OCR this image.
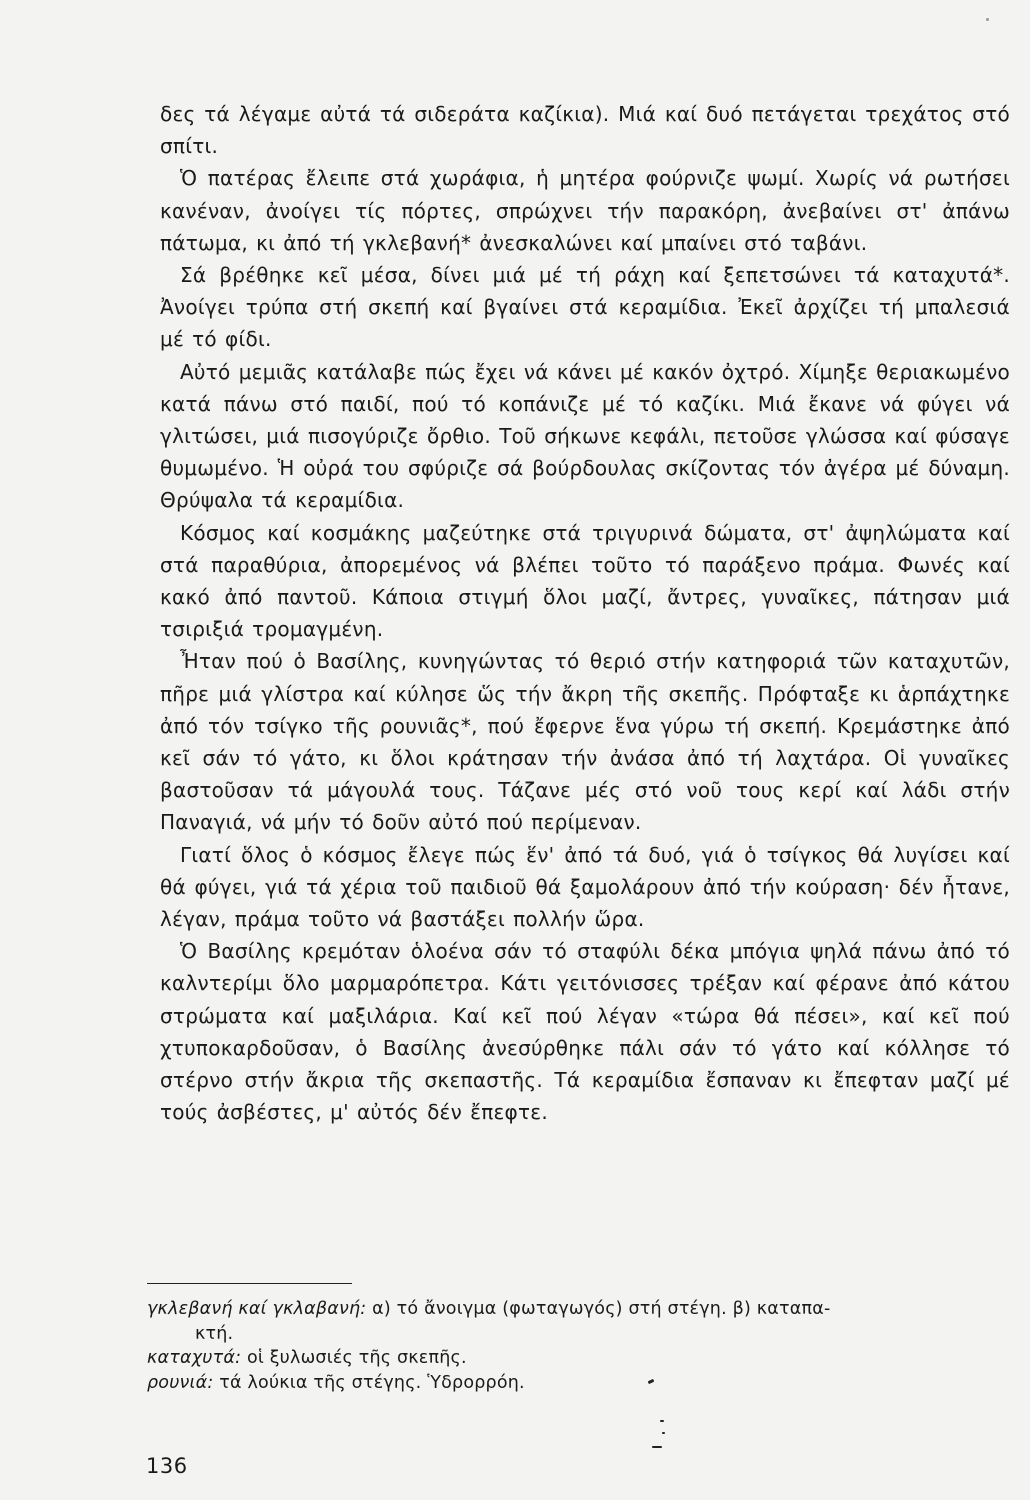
δες τά λέγαμε αὐτά τά σιδεράτα καζίκια). Μιά καί δυό πετάγεται τρεχάτος στό σπίτι.

Ὁ πατέρας ἔλειπε στά χωράφια, ἡ μητέρα φούρνιζε ψωμί. Χωρίς νά ρωτήσει κανέναν, ἀνοίγει τίς πόρτες, σπρώχνει τήν παρακόρη, ἀνεβαίνει στ' ἀπάνω πάτωμα, κι ἀπό τή γκλεβανή* ἀνεσκαλώνει καί μπαίνει στό ταβάνι.

Σά βρέθηκε κεῖ μέσα, δίνει μιά μέ τή ράχη καί ξεπετσώνει τά καταχυτά*. Ἀνοίγει τρύπα στή σκεπή καί βγαίνει στά κεραμίδια. Ἐκεῖ ἀρχίζει τή μπαλεσιά μέ τό φίδι.

Αὐτό μεμιᾶς κατάλαβε πώς ἔχει νά κάνει μέ κακόν ὀχτρό. Χίμηξε θεριακωμένο κατά πάνω στό παιδί, πού τό κοπάνιζε μέ τό καζίκι. Μιά ἔκανε νά φύγει νά γλιτώσει, μιά πισογύριζε ὄρθιο. Τοῦ σήκωνε κεφάλι, πετοῦσε γλώσσα καί φύσαγε θυμωμένο. Ἡ οὐρά του σφύριζε σά βούρδουλας σκίζοντας τόν ἀγέρα μέ δύναμη. Θρύψαλα τά κεραμίδια.

Κόσμος καί κοσμάκης μαζεύτηκε στά τριγυρινά δώματα, στ' ἀψηλώματα καί στά παραθύρια, ἀπορεμένος νά βλέπει τοῦτο τό παράξενο πράμα. Φωνές καί κακό ἀπό παντοῦ. Κάποια στιγμή ὅλοι μαζί, ἄντρες, γυναῖκες, πάτησαν μιά τσιριξιά τρομαγμένη.

Ἦταν πού ὁ Βασίλης, κυνηγώντας τό θεριό στήν κατηφοριά τῶν καταχυτῶν, πῆρε μιά γλίστρα καί κύλησε ὥς τήν ἄκρη τῆς σκεπῆς. Πρόφταξε κι ἁρπάχτηκε ἀπό τόν τσίγκο τῆς ρουνιᾶς*, πού ἔφερνε ἕνα γύρω τή σκεπή. Κρεμάστηκε ἀπό κεῖ σάν τό γάτο, κι ὅλοι κράτησαν τήν ἀνάσα ἀπό τή λαχτάρα. Οἱ γυναῖκες βαστοῦσαν τά μάγουλά τους. Τάζανε μές στό νοῦ τους κερί καί λάδι στήν Παναγιά, νά μήν τό δοῦν αὐτό πού περίμεναν.

Γιατί ὅλος ὁ κόσμος ἔλεγε πώς ἕν' ἀπό τά δυό, γιά ὁ τσίγκος θά λυγίσει καί θά φύγει, γιά τά χέρια τοῦ παιδιοῦ θά ξαμολάρουν ἀπό τήν κούραση· δέν ἦτανε, λέγαν, πράμα τοῦτο νά βαστάξει πολλήν ὥρα.

Ὁ Βασίλης κρεμόταν ὁλοένα σάν τό σταφύλι δέκα μπόγια ψηλά πάνω ἀπό τό καλντερίμι ὅλο μαρμαρόπετρα. Κάτι γειτόνισσες τρέξαν καί φέρανε ἀπό κάτου στρώματα καί μαξιλάρια. Καί κεῖ πού λέγαν «τώρα θά πέσει», καί κεῖ πού χτυποκαρδοῦσαν, ὁ Βασίλης ἀνεσύρθηκε πάλι σάν τό γάτο καί κόλλησε τό στέρνο στήν ἄκρια τῆς σκεπαστῆς. Τά κεραμίδια ἔσπαναν κι ἔπεφταν μαζί μέ τούς ἀσβέστες, μ' αὐτός δέν ἔπεφτε.

γκλεβανή καί γκλαβανή: α) τό ἄνοιγμα (φωταγωγός) στή στέγη. β) καταπα-
κτή.
καταχυτά: οἱ ξυλωσιές τῆς σκεπῆς.
ρουνιά: τά λούκια τῆς στέγης. Ὑδρορρόη.
136
